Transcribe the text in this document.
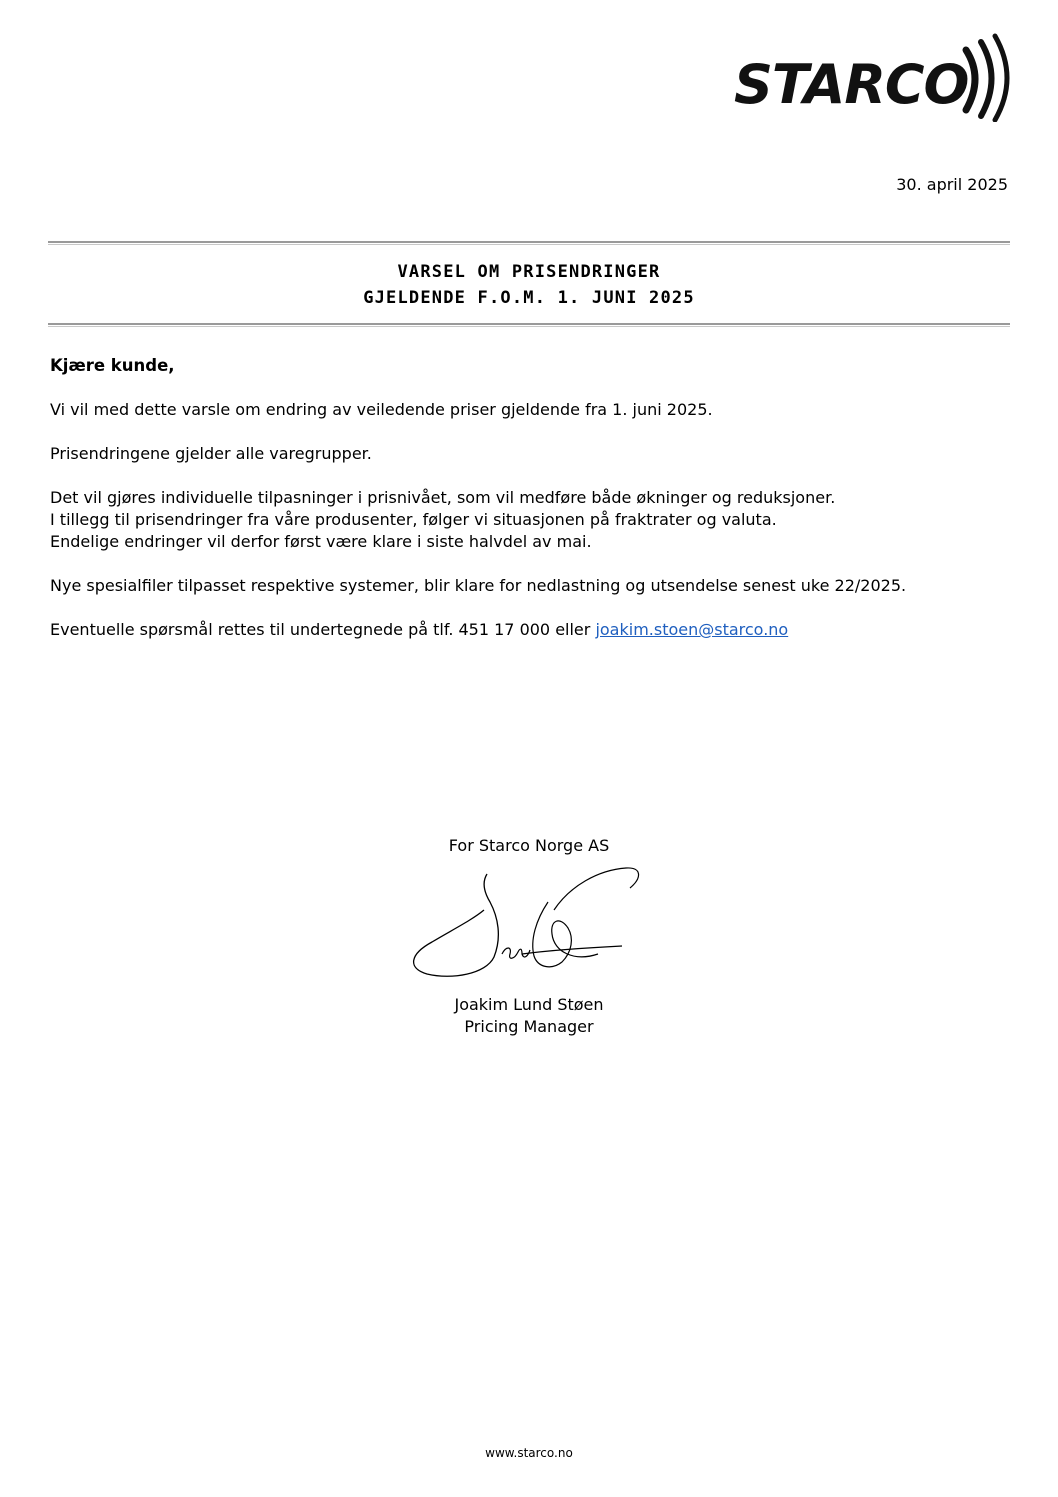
STARCO
30. april 2025
VARSEL OM PRISENDRINGER
GJELDENDE F.O.M. 1. JUNI 2025
Kjære kunde,

Vi vil med dette varsle om endring av veiledende priser gjeldende fra 1. juni 2025.

Prisendringene gjelder alle varegrupper.

Det vil gjøres individuelle tilpasninger i prisnivået, som vil medføre både økninger og reduksjoner.
I tillegg til prisendringer fra våre produsenter, følger vi situasjonen på fraktrater og valuta.
Endelige endringer vil derfor først være klare i siste halvdel av mai.

Nye spesialfiler tilpasset respektive systemer, blir klare for nedlastning og utsendelse senest uke 22/2025.

Eventuelle spørsmål rettes til undertegnede på tlf. 451 17 000 eller joakim.stoen@starco.no

For Starco Norge AS
Joakim Lund Støen
Pricing Manager
www.starco.no
